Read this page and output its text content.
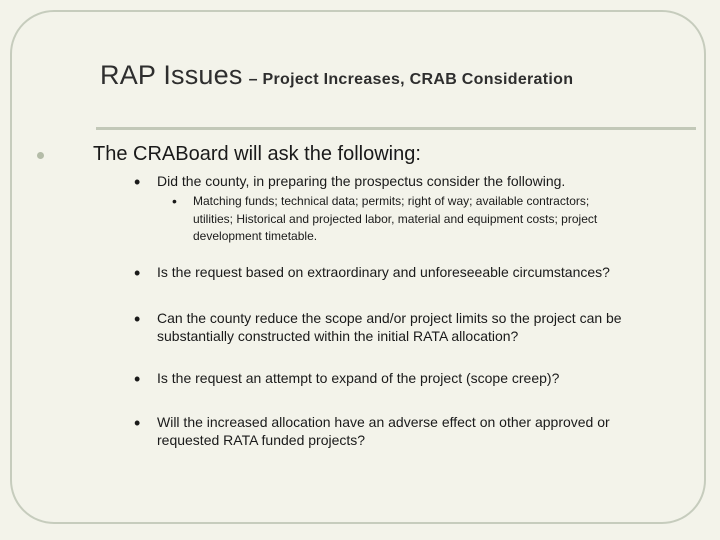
RAP Issues – Project Increases, CRAB Consideration
The CRABoard will ask the following:
• Did the county, in preparing the prospectus consider the following.
• Matching funds; technical data; permits; right of way; available contractors;
utilities; Historical and projected labor, material and equipment costs; project
development timetable.
• Is the request based on extraordinary and unforeseeable circumstances?
• Can the county reduce the scope and/or project limits so the project can be
substantially constructed within the initial RATA allocation?
• Is the request an attempt to expand of the project (scope creep)?
• Will the increased allocation have an adverse effect on other approved or
requested RATA funded projects?
